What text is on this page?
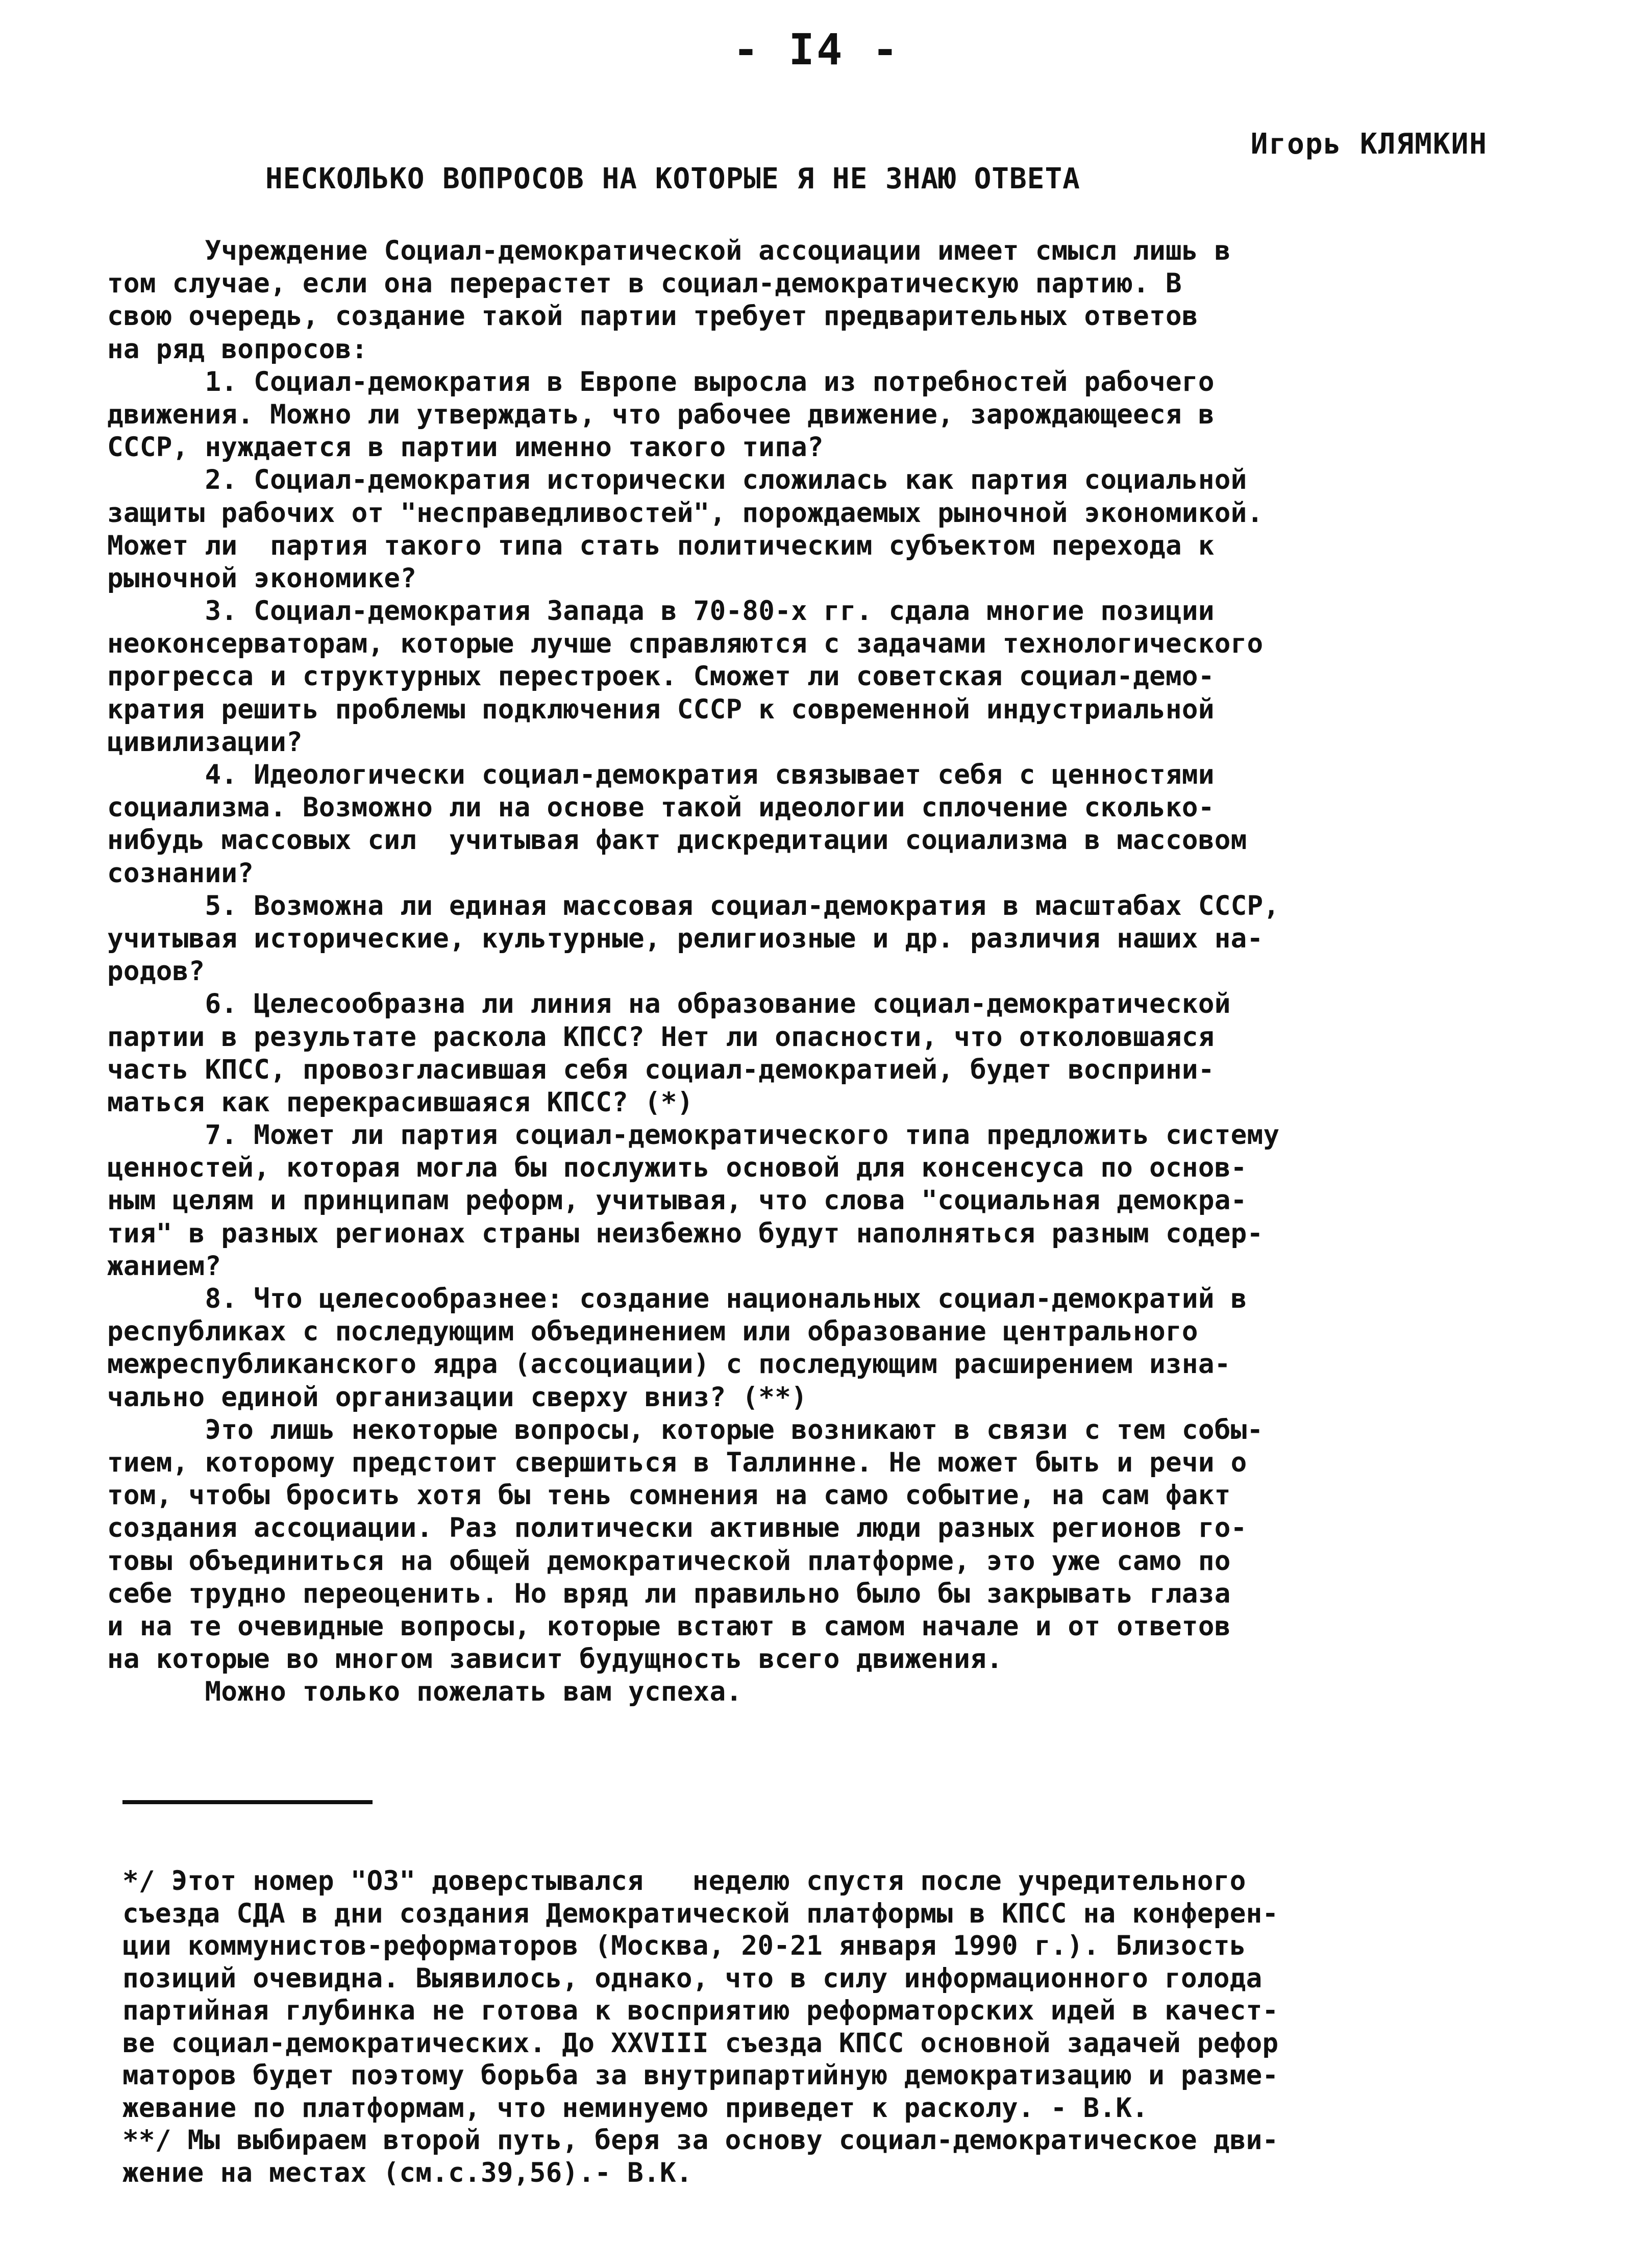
- I4 -
Игорь КЛЯМКИН
НЕСКОЛЬКО ВОПРОСОВ НА КОТОРЫЕ Я НЕ ЗНАЮ ОТВЕТА
Учреждение Социал-демократической ассоциации имеет смысл лишь в
том случае, если она перерастет в социал-демократическую партию. В
свою очередь, создание такой партии требует предварительных ответов
на ряд вопросов:
1. Социал-демократия в Европе выросла из потребностей рабочего
движения. Можно ли утверждать, что рабочее движение, зарождающееся в
СССР, нуждается в партии именно такого типа?
2. Социал-демократия исторически сложилась как партия социальной
защиты рабочих от "несправедливостей", порождаемых рыночной экономикой.
Может ли  партия такого типа стать политическим субъектом перехода к
рыночной экономике?
3. Социал-демократия Запада в 70-80-х гг. сдала многие позиции
неоконсерваторам, которые лучше справляются с задачами технологического
прогресса и структурных перестроек. Сможет ли советская социал-демо-
кратия решить проблемы подключения СССР к современной индустриальной
цивилизации?
4. Идеологически социал-демократия связывает себя с ценностями
социализма. Возможно ли на основе такой идеологии сплочение сколько-
нибудь массовых сил  учитывая факт дискредитации социализма в массовом
сознании?
5. Возможна ли единая массовая социал-демократия в масштабах СССР,
учитывая исторические, культурные, религиозные и др. различия наших на-
родов?
6. Целесообразна ли линия на образование социал-демократической
партии в результате раскола КПСС? Нет ли опасности, что отколовшаяся
часть КПСС, провозгласившая себя социал-демократией, будет восприни-
маться как перекрасившаяся КПСС? (*)
7. Может ли партия социал-демократического типа предложить систему
ценностей, которая могла бы послужить основой для консенсуса по основ-
ным целям и принципам реформ, учитывая, что слова "социальная демокра-
тия" в разных регионах страны неизбежно будут наполняться разным содер-
жанием?
8. Что целесообразнее: создание национальных социал-демократий в
республиках с последующим объединением или образование центрального
межреспубликанского ядра (ассоциации) с последующим расширением изна-
чально единой организации сверху вниз? (**)
Это лишь некоторые вопросы, которые возникают в связи с тем собы-
тием, которому предстоит свершиться в Таллинне. Не может быть и речи о
том, чтобы бросить хотя бы тень сомнения на само событие, на сам факт
создания ассоциации. Раз политически активные люди разных регионов го-
товы объединиться на общей демократической платформе, это уже само по
себе трудно переоценить. Но вряд ли правильно было бы закрывать глаза
и на те очевидные вопросы, которые встают в самом начале и от ответов
на которые во многом зависит будущность всего движения.
Можно только пожелать вам успеха.
*/ Этот номер "ОЗ" доверстывался   неделю спустя после учредительного
съезда СДА в дни создания Демократической платформы в КПСС на конферен-
ции коммунистов-реформаторов (Москва, 20-21 января 1990 г.). Близость
позиций очевидна. Выявилось, однако, что в силу информационного голода
партийная глубинка не готова к восприятию реформаторских идей в качест-
ве социал-демократических. До XXVIII съезда КПСС основной задачей рефор
маторов будет поэтому борьба за внутрипартийную демократизацию и разме-
жевание по платформам, что неминуемо приведет к расколу. - В.К.
**/ Мы выбираем второй путь, беря за основу социал-демократическое дви-
жение на местах (см.с.39,56).- В.К.
